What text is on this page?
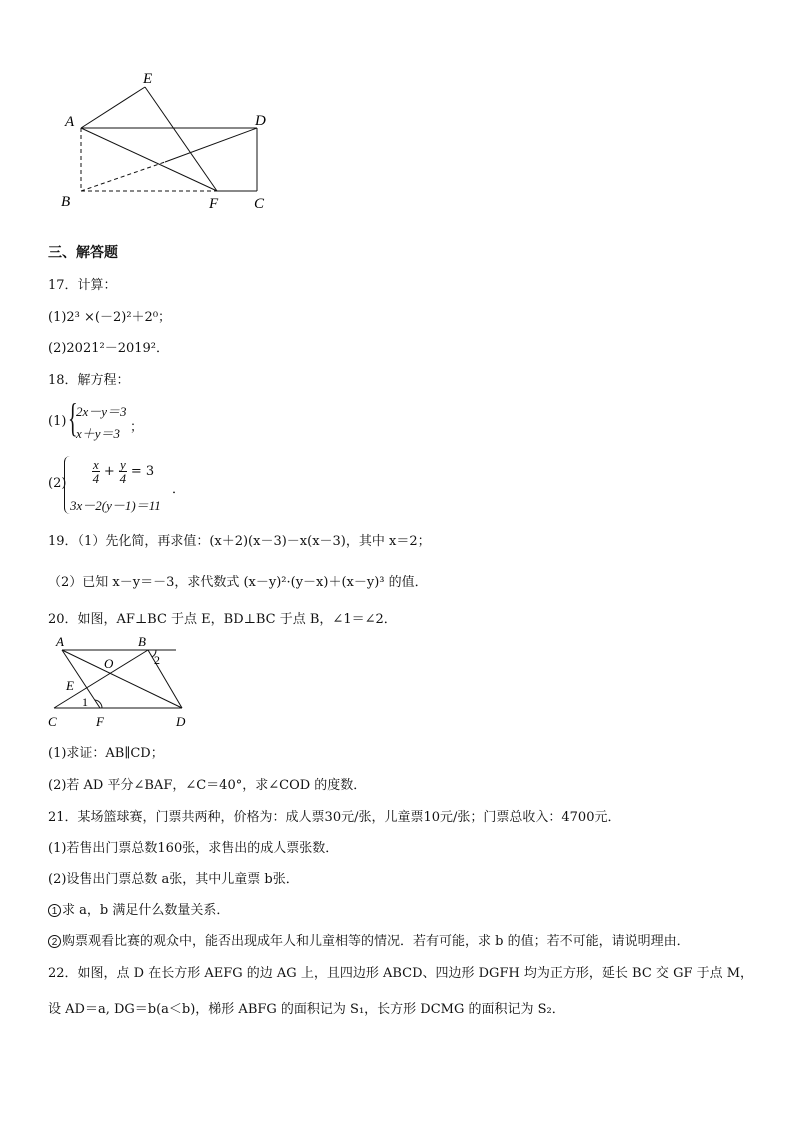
A
B	C
D
E
F
三、解答题
17．计算：
(1)2³ ×(－2)²＋2⁰；
(2)2021²－2019²．
18．解方程：
(1) {
2x－y＝3
x＋y＝3 ；
$(2) \frac{x}{4} + \frac{y}{4} = 3$
3x－2(y－1)＝11
．
19．（1）先化简，再求值：(x＋2)(x－3)－x(x－3)，其中 x＝2；
（2）已知 x－y＝－3，求代数式 (x－y)²·(y－x)＋(x－y)³ 的值．
20．如图，AF⊥BC 于点 E，BD⊥BC 于点 B，∠1＝∠2．
A	B
C	D
E
F
O
1
2
(1)求证：AB∥CD；
(2)若 AD 平分∠BAF，∠C＝40°，求∠COD 的度数．
21．某场篮球赛，门票共两种，价格为：成人票30元/张，儿童票10元/张；门票总收入：4700元．
(1)若售出门票总数160张，求售出的成人票张数．
(2)设售出门票总数 a张，其中儿童票 b张．
1 求 a，b 满足什么数量关系．
2 购票观看比赛的观众中，能否出现成年人和儿童相等的情况．若有可能，求 b 的值；若不可能，请说明理由．
22．如图，点 D 在长方形 AEFG 的边 AG 上，且四边形 ABCD、四边形 DGFH 均为正方形，延长 BC 交 GF 于点 M，
设 AD＝a, DG＝b(a＜b)，梯形 ABFG 的面积记为 S₁，长方形 DCMG 的面积记为 S₂．
